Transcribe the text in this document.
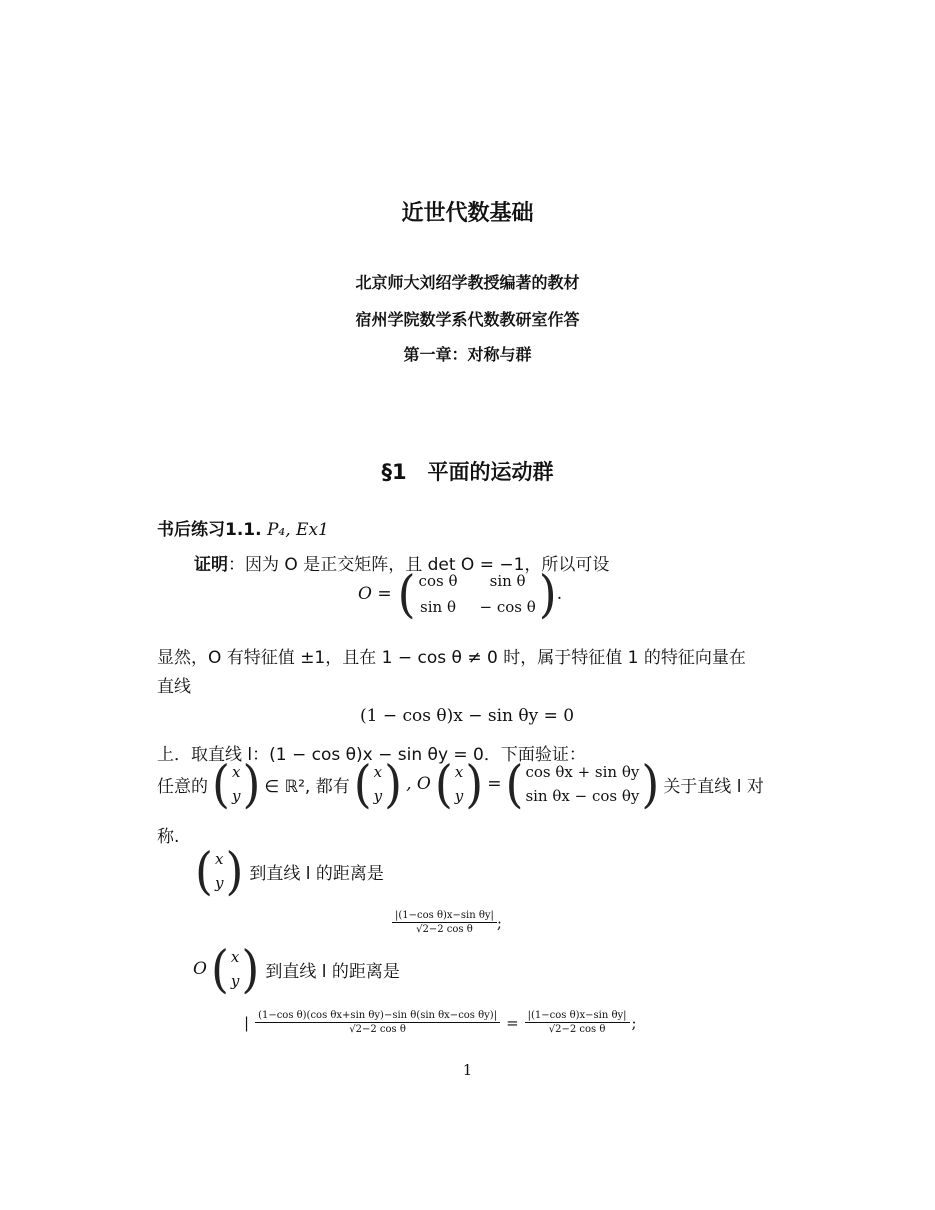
近世代数基础
北京师大刘绍学教授编著的教材
宿州学院数学系代数教研室作答
第一章：对称与群
§1　平面的运动群
书后练习1.1. P₄, Ex1
证明：因为 O 是正交矩阵，且 det O = −1，所以可设
O = ( cos θ	sin θ
sin θ − cos θ ) .
显然，O 有特征值 ±1，且在 1 − cos θ ≠ 0 时，属于特征值 1 的特征向量在
直线
(1 − cos θ)x − sin θy = 0
上．取直线 l：(1 − cos θ)x − sin θy = 0．下面验证：
任意的 ( x
y ) ∈ ℝ², 都有 ( x
y ) , O ( x
y ) = ( cos θx + sin θy
sin θx − cos θy ) 关于直线 l 对
称.
( x
y ) 到直线 l 的距离是
$\frac{\text{|(1−cos θ)x−sin θy|}}{\text{√2−2 cos θ}}$ ;
O ( x
y ) 到直线 l 的距离是
| $\frac{\text{(1−cos θ)(cos θx+sin θy)−sin θ(sin θx−cos θy)|}}{\text{√2−2 cos θ}} = \frac{\text{|(1−cos θ)x−sin θy|}}{\text{√2−2 cos θ}}$ ;
1
